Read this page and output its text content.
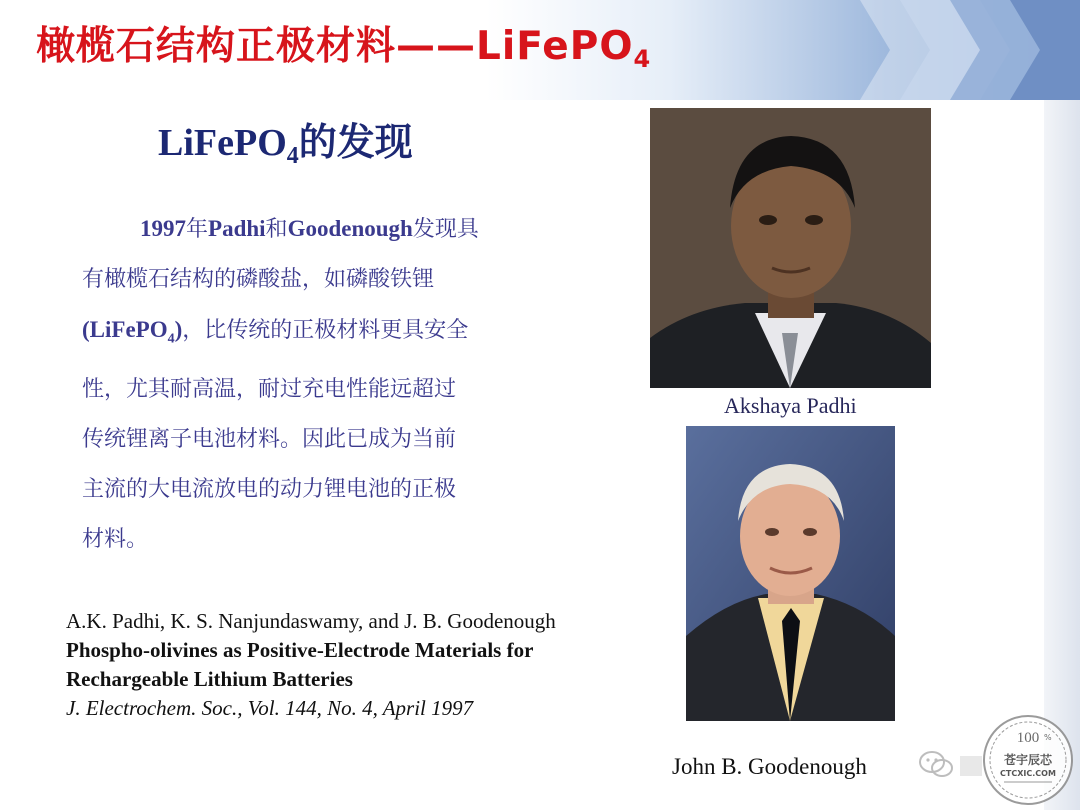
橄榄石结构正极材料——LiFePO$_4$
LiFePO$_4$的发现
1997年Padhi和Goodenough发现具
有橄榄石结构的磷酸盐，如磷酸铁锂
(LiFePO$_4$)，比传统的正极材料更具安全
性，尤其耐高温，耐过充电性能远超过
传统锂离子电池材料。因此已成为当前
主流的大电流放电的动力锂电池的正极
材料。
A.K. Padhi, K. S. Nanjundaswamy, and J. B. Goodenough
Phospho-olivines as Positive-Electrode Materials for
Rechargeable Lithium Batteries
J. Electrochem. Soc., Vol. 144, No. 4, April 1997
Akshaya Padhi
John B. Goodenough
100 %
苍宇辰芯
CTCXIC.COM
